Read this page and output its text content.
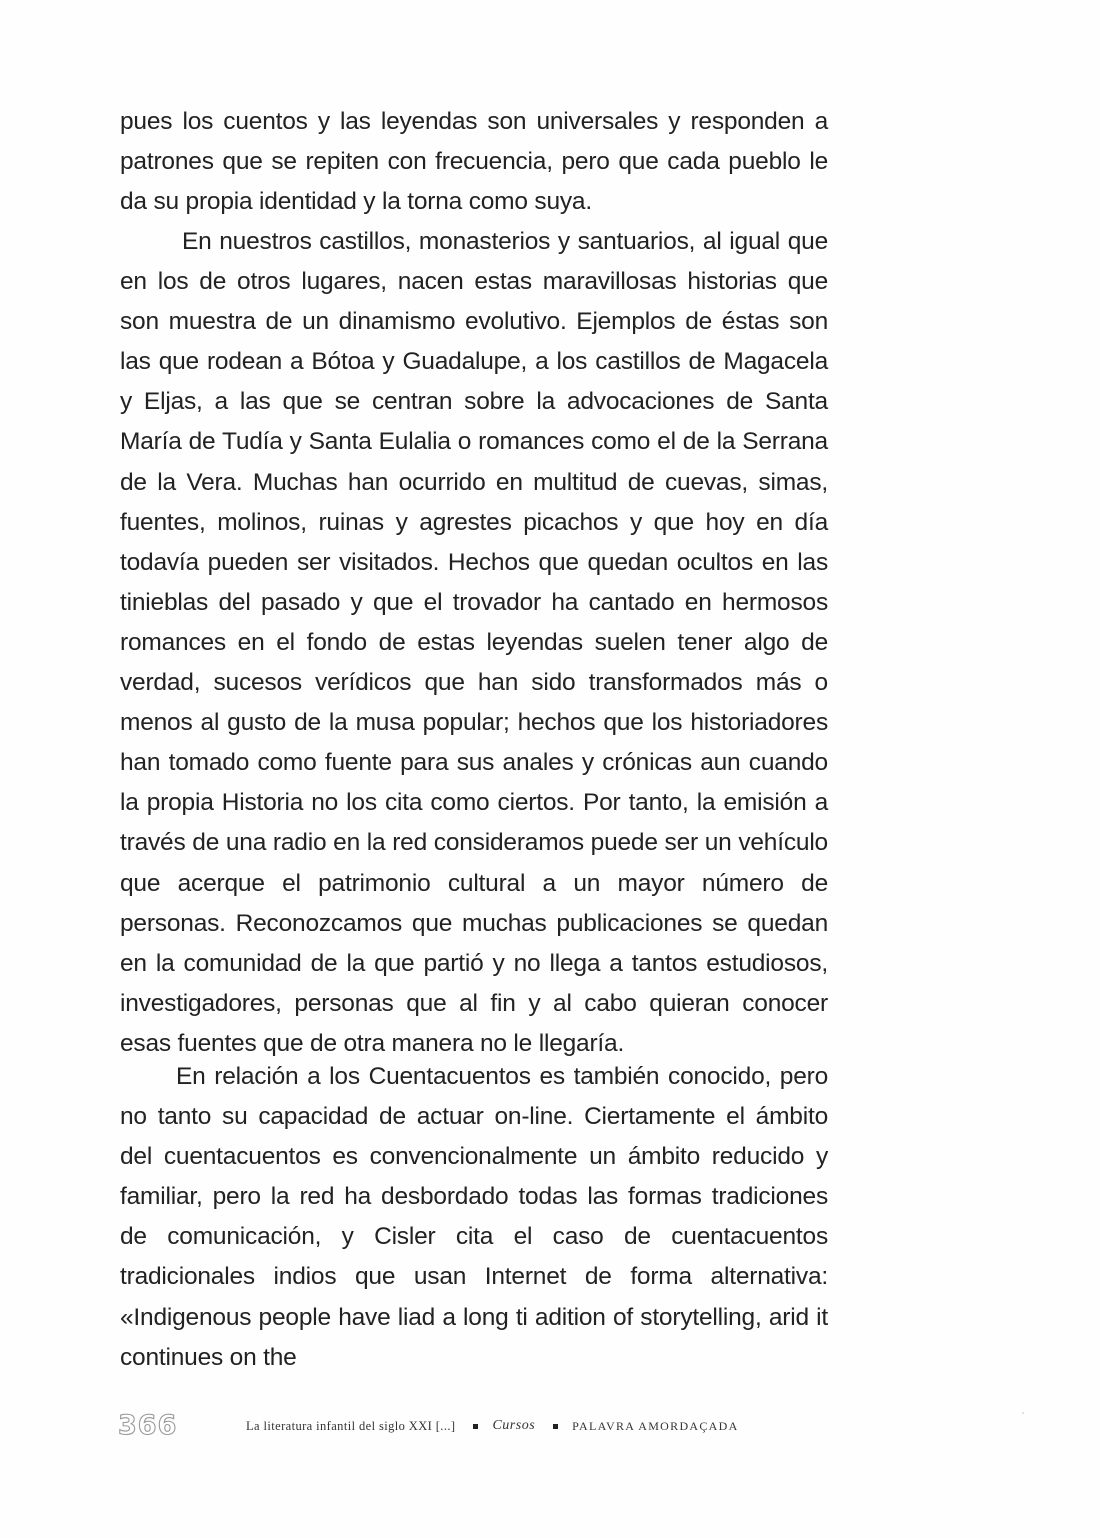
pues los cuentos y las leyendas son universales y responden a patrones que se repiten con frecuencia, pero que cada pueblo le da su propia identidad y la torna como suya.

En nuestros castillos, monasterios y santuarios, al igual que en los de otros lugares, nacen estas maravillosas historias que son muestra de un dinamismo evolutivo. Ejemplos de éstas son las que rodean a Bótoa y Guadalupe, a los castillos de Magacela y Eljas, a las que se centran sobre la advocaciones de Santa María de Tudía y Santa Eulalia o romances como el de la Serrana de la Vera. Muchas han ocurrido en multitud de cuevas, simas, fuentes, molinos, ruinas y agrestes picachos y que hoy en día todavía pueden ser visitados. Hechos que quedan ocultos en las tinieblas del pasado y que el trovador ha cantado en hermosos romances en el fondo de estas leyendas suelen tener algo de verdad, sucesos verídicos que han sido transformados más o menos al gusto de la musa popular; hechos que los historiadores han tomado como fuente para sus anales y crónicas aun cuando la propia Historia no los cita como ciertos. Por tanto, la emisión a través de una radio en la red consideramos puede ser un vehículo que acerque el patrimonio cultural a un mayor número de personas. Reconozcamos que muchas publicaciones se quedan en la comunidad de la que partió y no llega a tantos estudiosos, investigadores, personas que al fin y al cabo quieran conocer esas fuentes que de otra manera no le llegaría.

En relación a los Cuentacuentos es también conocido, pero no tanto su capacidad de actuar on-line. Ciertamente el ámbito del cuentacuentos es convencionalmente un ámbito reducido y familiar, pero la red ha desbordado todas las formas tradiciones de comunicación, y Cisler cita el caso de cuentacuentos tradicionales indios que usan Internet de forma alternativa: «Indigenous people have liad a long ti adition of storytelling, arid it continues on the

366	La literatura infantil del siglo XXI [...]	Cursos	PALAVRA AMORDAÇADA
